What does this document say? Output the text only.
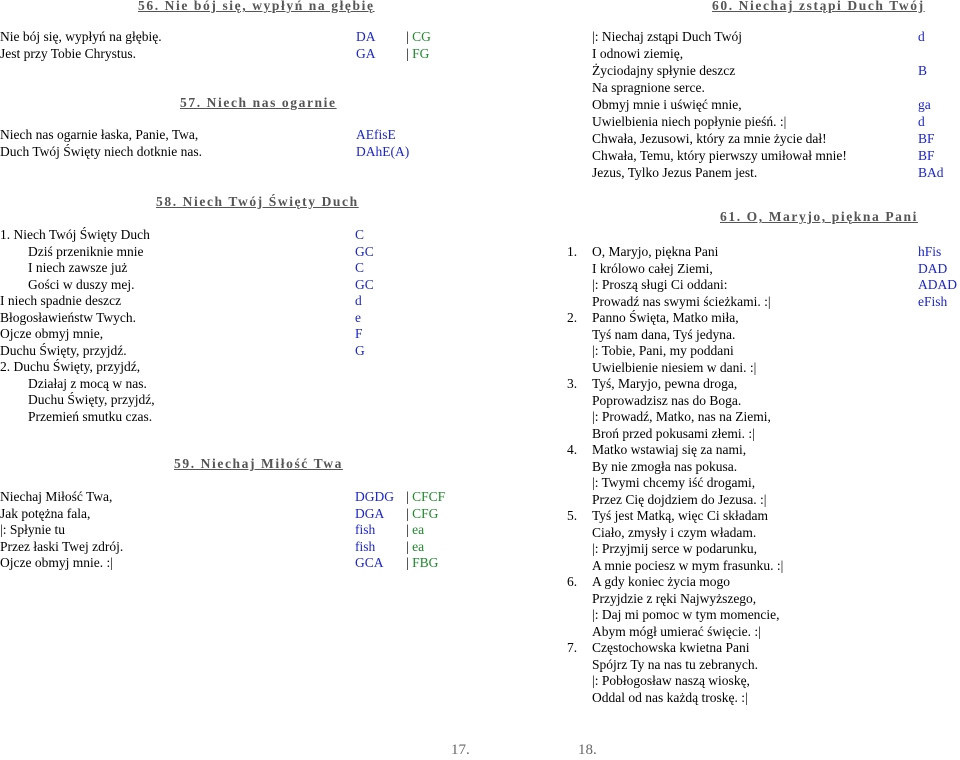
56. Nie bój się, wypłyń na głębię
Nie bój się, wypłyń na głębię.	DA | CG
Jest przy Tobie Chrystus.	GA | FG
57. Niech nas ogarnie
Niech nas ogarnie łaska, Panie, Twa,	AEfisE
Duch Twój Święty niech dotknie nas.	DAhE(A)
58. Niech Twój Święty Duch
1. Niech Twój Święty Duch	C
Dziś przeniknie mnie	GC
I niech zawsze już	C
Gości w duszy mej.	GC
I niech spadnie deszcz	d
Błogosławieństw Twych.	e
Ojcze obmyj mnie,	F
Duchu Święty, przyjdź.	G
2. Duchu Święty, przyjdź,
Działaj z mocą w nas.
Duchu Święty, przyjdź,
Przemień smutku czas.
59. Niechaj Miłość Twa
Niechaj Miłość Twa,	DGDG | CFCF
Jak potężna fala,	DGA | CFG
|: Spłynie tu	fish | ea
Przez łaski Twej zdrój.	fish | ea
Ojcze obmyj mnie. :|	GCA | FBG
60. Niechaj zstąpi Duch Twój
|: Niechaj zstąpi Duch Twój	d
I odnowi ziemię,
Życiodajny spłynie deszcz	B
Na spragnione serce.
Obmyj mnie i uświęć mnie,	ga
Uwielbienia niech popłynie pieśń. :|	d
Chwała, Jezusowi, który za mnie życie dał!	BF
Chwała, Temu, który pierwszy umiłował mnie!	BF
Jezus, Tylko Jezus Panem jest.	BAd
61. O, Maryjo, piękna Pani
1. O, Maryjo, piękna Pani	hFis
I królowo całej Ziemi,	DAD
|: Proszą sługi Ci oddani:	ADAD
Prowadź nas swymi ścieżkami. :|	eFish
2. Panno Święta, Matko miła,
Tyś nam dana, Tyś jedyna.
|: Tobie, Pani, my poddani
Uwielbienie niesiem w dani. :|
3. Tyś, Maryjo, pewna droga,
Poprowadzisz nas do Boga.
|: Prowadź, Matko, nas na Ziemi,
Broń przed pokusami złemi. :|
4. Matko wstawiaj się za nami,
By nie zmogła nas pokusa.
|: Twymi chcemy iść drogami,
Przez Cię dojdziem do Jezusa. :|
5. Tyś jest Matką, więc Ci składam
Ciało, zmysły i czym władam.
|: Przyjmij serce w podarunku,
A mnie pociesz w mym frasunku. :|
6. A gdy koniec życia mogo
Przyjdzie z ręki Najwyższego,
|: Daj mi pomoc w tym momencie,
Abym mógł umierać święcie. :|
7. Częstochowska kwietna Pani
Spójrz Ty na nas tu zebranych.
|: Pobłogosław naszą wioskę,
Oddal od nas każdą troskę. :|
17.	18.
